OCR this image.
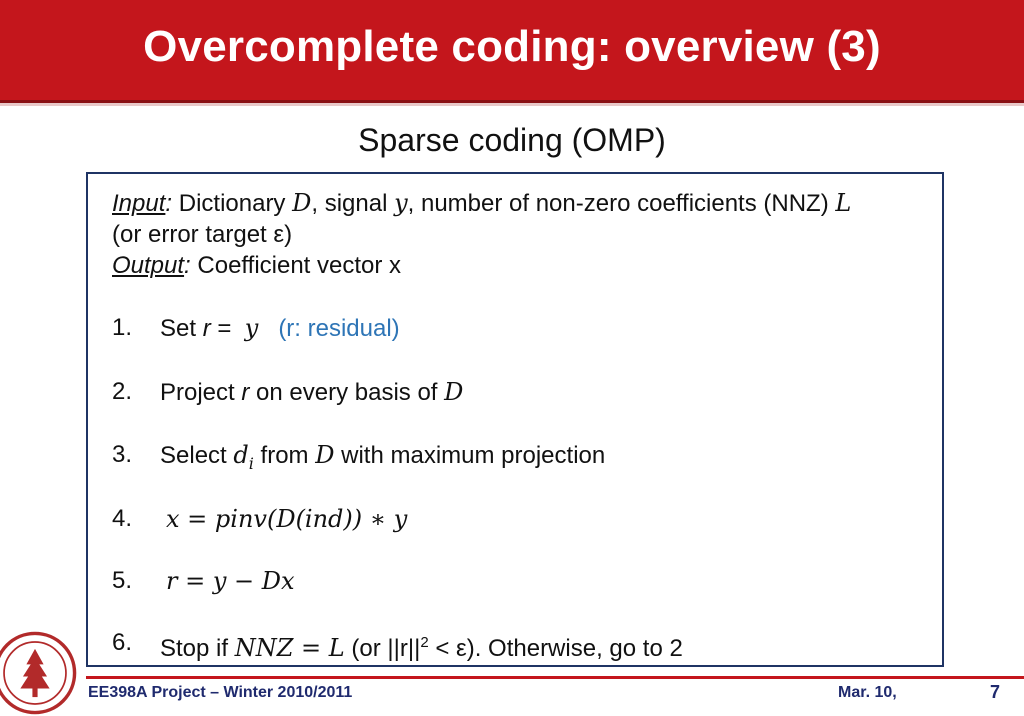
Overcomplete coding: overview (3)
Sparse coding (OMP)
Input: Dictionary D, signal y, number of non-zero coefficients (NNZ) L
(or error target ε)
Output: Coefficient vector x
1. Set r =  y (r: residual)
2. Project r on every basis of D
3. Select $d_i$ from D with maximum projection
4. x = pinv(D(ind)) ∗ y
5. r = y − Dx
6. Stop if NNZ = L (or $||r||^2 < \varepsilon$). Otherwise, go to 2
EE398A Project – Winter 2010/2011	Mar. 10,	7
